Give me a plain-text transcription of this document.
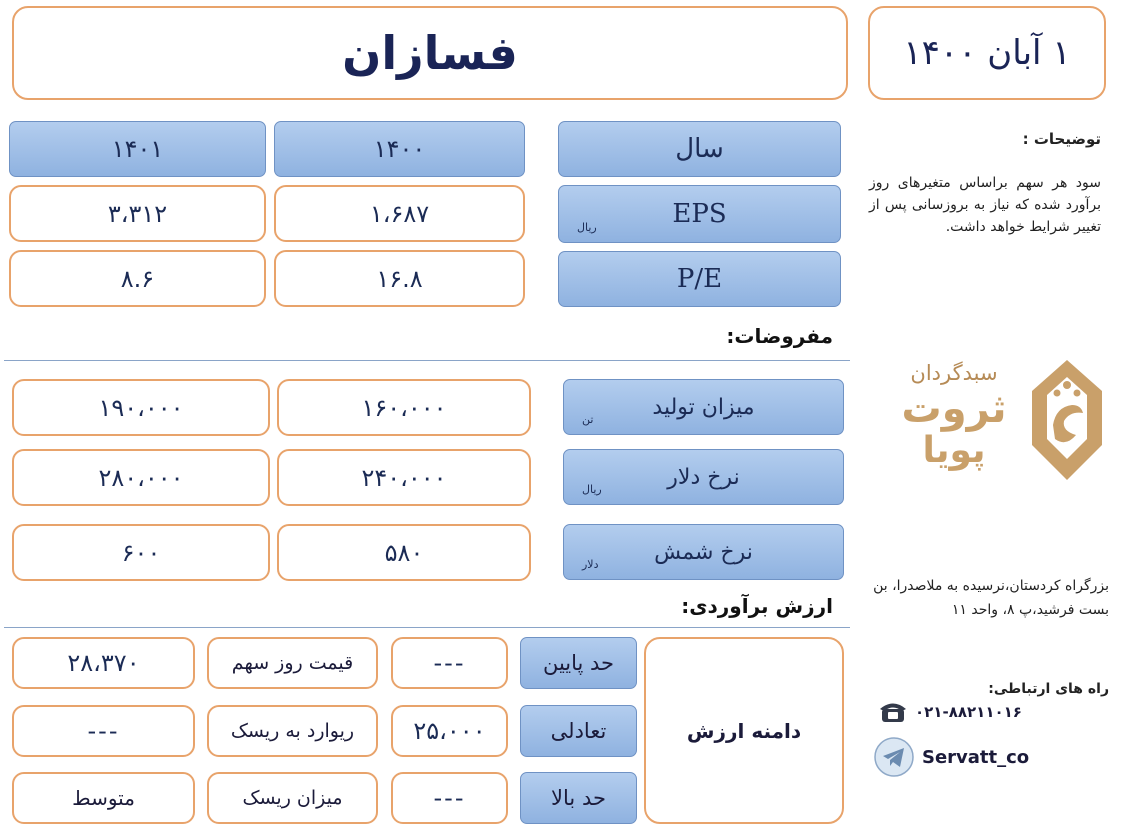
فسازان	۱ آبان ۱۴۰۰
سال
۱۴۰۰
۱۴۰۱
EPS
ریال
۱،۶۸۷
۳،۳۱۲
P/E
۱۶.۸
۸.۶
مفروضات:
میزان تولید
تن
۱۶۰،۰۰۰
۱۹۰،۰۰۰
نرخ دلار
ریال
۲۴۰،۰۰۰
۲۸۰،۰۰۰
نرخ شمش
دلار
۵۸۰
۶۰۰
ارزش برآوردی:
دامنه ارزش
حد پایین
---
قیمت روز سهم
۲۸،۳۷۰
تعادلی
۲۵،۰۰۰
ریوارد به ریسک
---
حد بالا
---
میزان ریسک
متوسط
توضیحات :
سود هر سهم براساس متغیرهای روز برآورد شده که نیاز به بروزسانی پس از تغییر شرایط خواهد داشت.
سبدگردان
ثروت
پویا
بزرگراه کردستان،نرسیده به ملاصدرا، بن بست فرشید،پ ۸، واحد ۱۱
راه های ارتباطی:
۰۲۱-۸۸۲۱۱۰۱۶
Servatt_co
